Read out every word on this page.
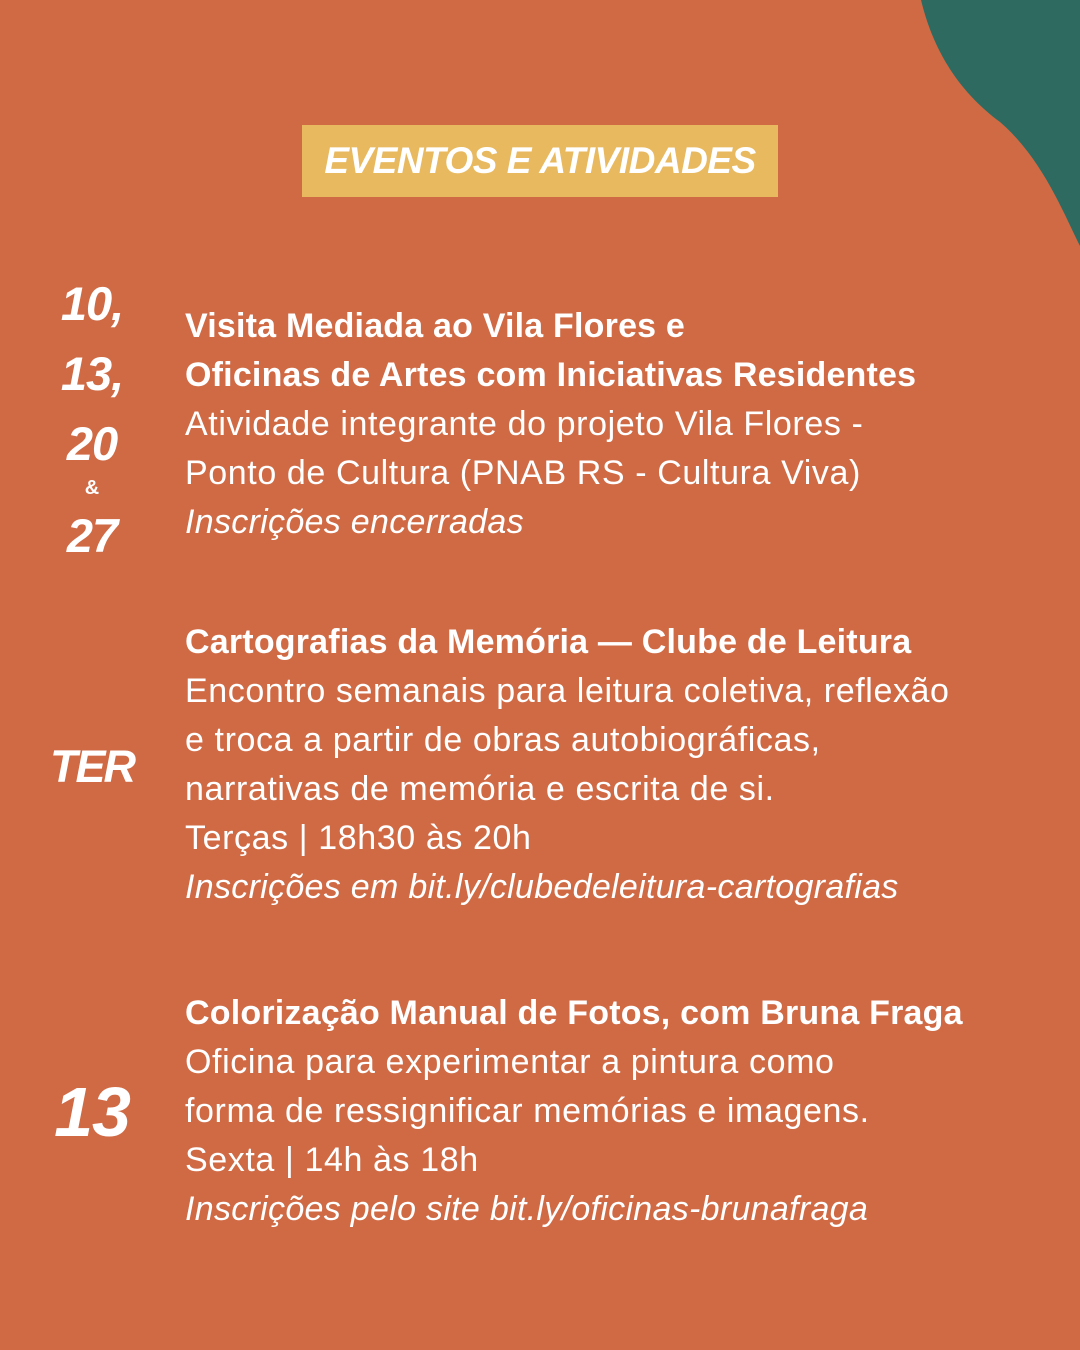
EVENTOS E ATIVIDADES
10,
13,
20
&
27
Visita Mediada ao Vila Flores e
Oficinas de Artes com Iniciativas Residentes
Atividade integrante do projeto Vila Flores -
Ponto de Cultura (PNAB RS - Cultura Viva)
Inscrições encerradas
TER
Cartografias da Memória — Clube de Leitura
Encontro semanais para leitura coletiva, reflexão
e troca a partir de obras autobiográficas,
narrativas de memória e escrita de si.
Terças | 18h30 às 20h
Inscrições em bit.ly/clubedeleitura-cartografias
13
Colorização Manual de Fotos, com Bruna Fraga
Oficina para experimentar a pintura como
forma de ressignificar memórias e imagens.
Sexta | 14h às 18h
Inscrições pelo site bit.ly/oficinas-brunafraga
